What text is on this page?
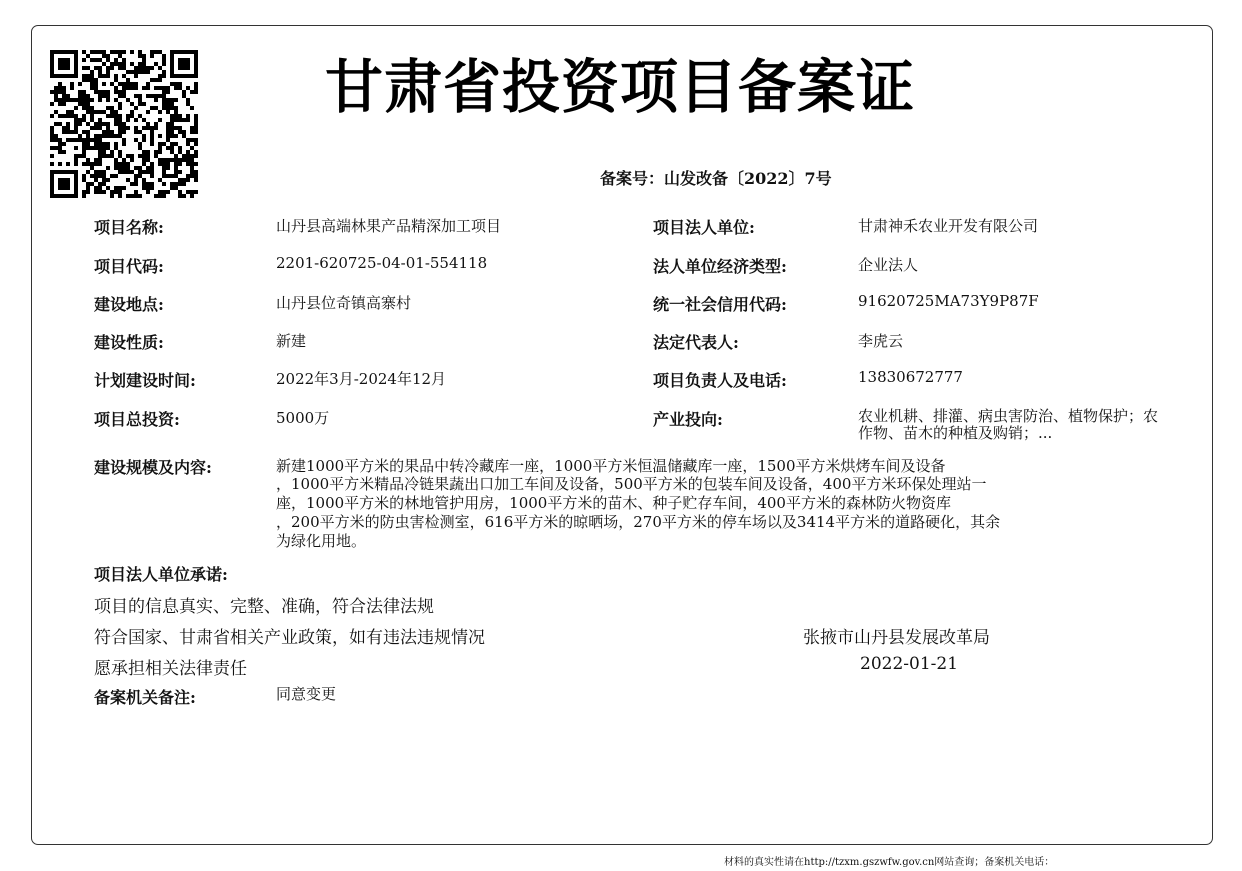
甘肃省投资项目备案证
备案号：山发改备〔2022〕7号
项目名称:	山丹县高端林果产品精深加工项目
项目代码:	2201-620725-04-01-554118
建设地点:	山丹县位奇镇高寨村
建设性质:	新建
计划建设时间:	2022年3月-2024年12月
项目总投资:	5000万
项目法人单位:	甘肃神禾农业开发有限公司
法人单位经济类型:	企业法人
统一社会信用代码:	91620725MA73Y9P87F
法定代表人:	李虎云
项目负责人及电话:	13830672777
产业投向:	农业机耕、排灌、病虫害防治、植物保护；农作物、苗木的种植及购销；...
建设规模及内容:	新建1000平方米的果品中转冷藏库一座，1000平方米恒温储藏库一座，1500平方米烘烤车间及设备
，1000平方米精品冷链果蔬出口加工车间及设备，500平方米的包装车间及设备，400平方米环保处理站一
座，1000平方米的林地管护用房，1000平方米的苗木、种子贮存车间，400平方米的森林防火物资库
，200平方米的防虫害检测室，616平方米的晾晒场，270平方米的停车场以及3414平方米的道路硬化，其余
为绿化用地。
项目法人单位承诺:
项目的信息真实、完整、准确，符合法律法规
符合国家、甘肃省相关产业政策，如有违法违规情况
愿承担相关法律责任
张掖市山丹县发展改革局
2022-01-21
备案机关备注:	同意变更
材料的真实性请在http://tzxm.gszwfw.gov.cn网站查询；备案机关电话：
